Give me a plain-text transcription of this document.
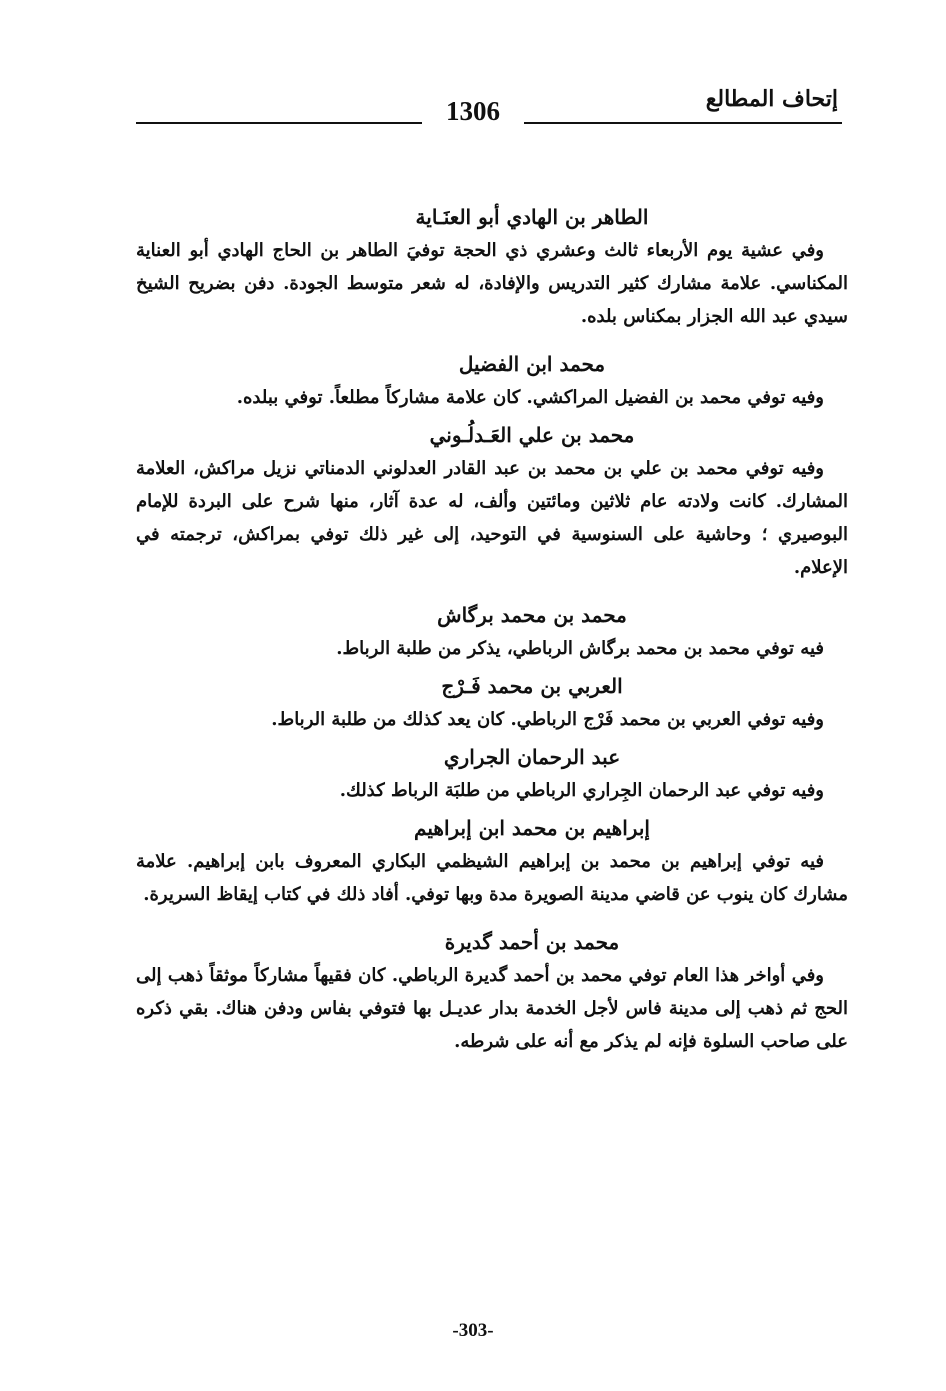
إتحاف المطالع
1306

الطاهر بن الهادي أبو العنَـاية

وفي عشية يوم الأربعاء ثالث وعشري ذي الحجة توفيَ الطاهر بن الحاج الهادي أبو العناية المكناسي. علامة مشارك كثير التدريس والإفادة، له شعر متوسط الجودة. دفن بضريح الشيخ سيدي عبد الله الجزار بمكناس بلده.

محمد ابن الفضيل

وفيه توفي محمد بن الفضيل المراكشي. كان علامة مشاركاً مطلعاً. توفي ببلده.

محمد بن علي العَـدلُـوني

وفيه توفي محمد بن علي بن محمد بن عبد القادر العدلوني الدمناتي نزيل مراكش، العلامة المشارك. كانت ولادته عام ثلاثين ومائتين وألف، له عدة آثار، منها شرح على البردة للإمام البوصيري ؛ وحاشية على السنوسية في التوحيد، إلى غير ذلك توفي بمراكش، ترجمته في الإعلام.

محمد بن محمد برگاش

فيه توفي محمد بن محمد برگاش الرباطي، يذكر من طلبة الرباط.

العربي بن محمد فَـرْج

وفيه توفي العربي بن محمد فَرْج الرباطي. كان يعد كذلك من طلبة الرباط.

عبد الرحمان الجراري

وفيه توفي عبد الرحمان الجِراري الرباطي من طلبَة الرباط كذلك.

إبراهيم بن محمد ابن إبراهيم

فيه توفي إبراهيم بن محمد بن إبراهيم الشيظمي البكاري المعروف بابن إبراهيم. علامة مشارك كان ينوب عن قاضي مدينة الصويرة مدة وبها توفي. أفاد ذلك في كتاب إيقاظ السريرة.

محمد بن أحمد گديرة

وفي أواخر هذا العام توفي محمد بن أحمد گديرة الرباطي. كان فقيهاً مشاركاً موثقاً ذهب إلى الحج ثم ذهب إلى مدينة فاس لأجل الخدمة بدار عديـل بها فتوفي بفاس ودفن هناك. بقي ذكره على صاحب السلوة فإنه لم يذكر مع أنه على شرطه.

-303-
